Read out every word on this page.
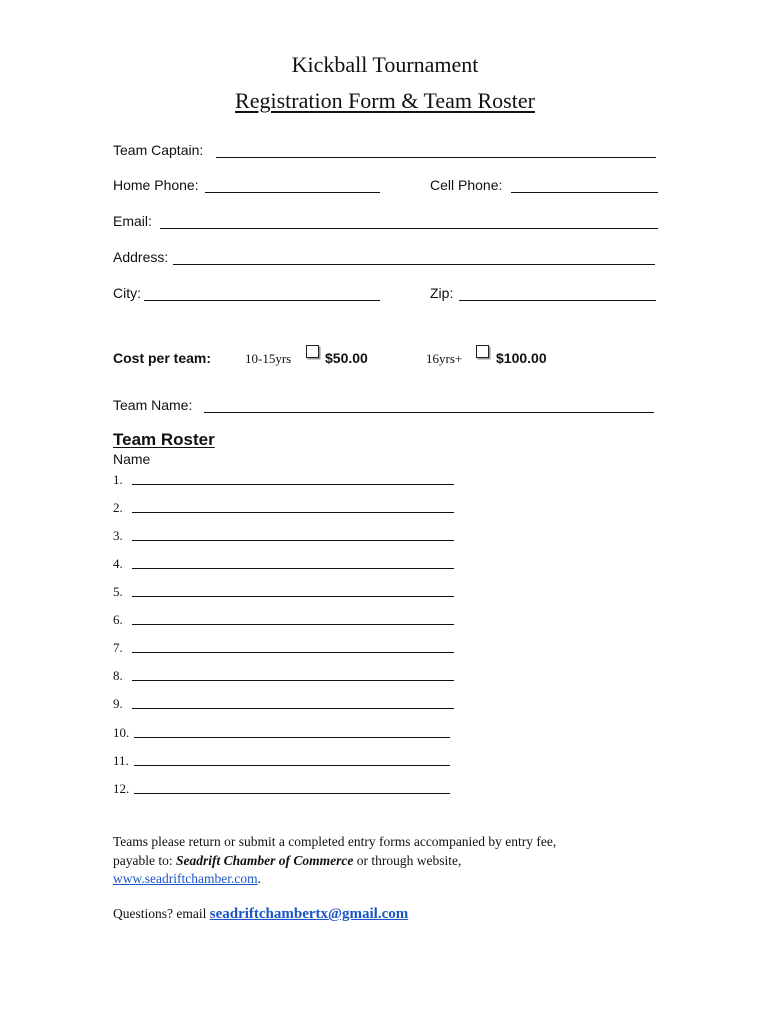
Kickball Tournament
Registration Form & Team Roster
Team Captain:
Home Phone:	Cell Phone:
Email:
Address:
City:	Zip:
Cost per team:	10-15yrs $50.00	16yrs+ $100.00
Team Name:
Team Roster
Name
1.
2.
3.
4.
5.
6.
7.
8.
9.
10.
11.
12.
Teams please return or submit a completed entry forms accompanied by entry fee,
payable to: Seadrift Chamber of Commerce or through website,
www.seadriftchamber.com.
Questions? email seadriftchambertx@gmail.com
